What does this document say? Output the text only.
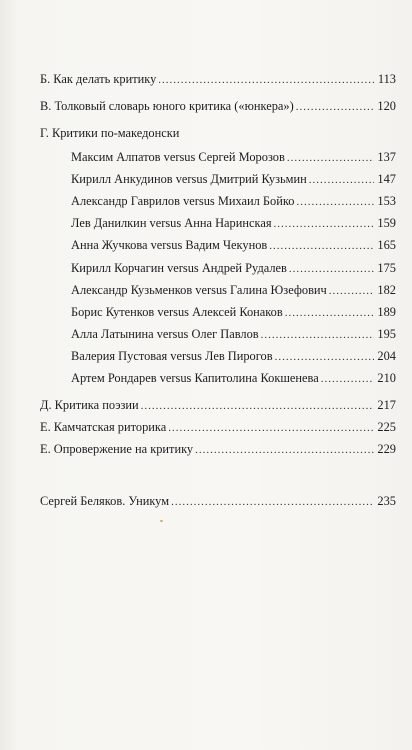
Б. Как делать критику .....	113
В. Толковый словарь юного критика («юнкера») .....	120
Г. Критики по-македонски
Максим Алпатов versus Сергей Морозов .....	137
Кирилл Анкудинов versus Дмитрий Кузьмин .....	147
Александр Гаврилов versus Михаил Бойко .....	153
Лев Данилкин versus Анна Наринская .....	159
Анна Жучкова versus Вадим Чекунов .....	165
Кирилл Корчагин versus Андрей Рудалев .....	175
Александр Кузьменков versus Галина Юзефович .....	182
Борис Кутенков versus Алексей Конаков .....	189
Алла Латынина versus Олег Павлов .....	195
Валерия Пустовая versus Лев Пирогов .....	204
Артем Рондарев versus Капитолина Кокшенева .....	210
Д. Критика поэзии .....	217
Е. Камчатская риторика .....	225
Е. Опровержение на критику .....	229
Сергей Беляков. Уникум .....	235
